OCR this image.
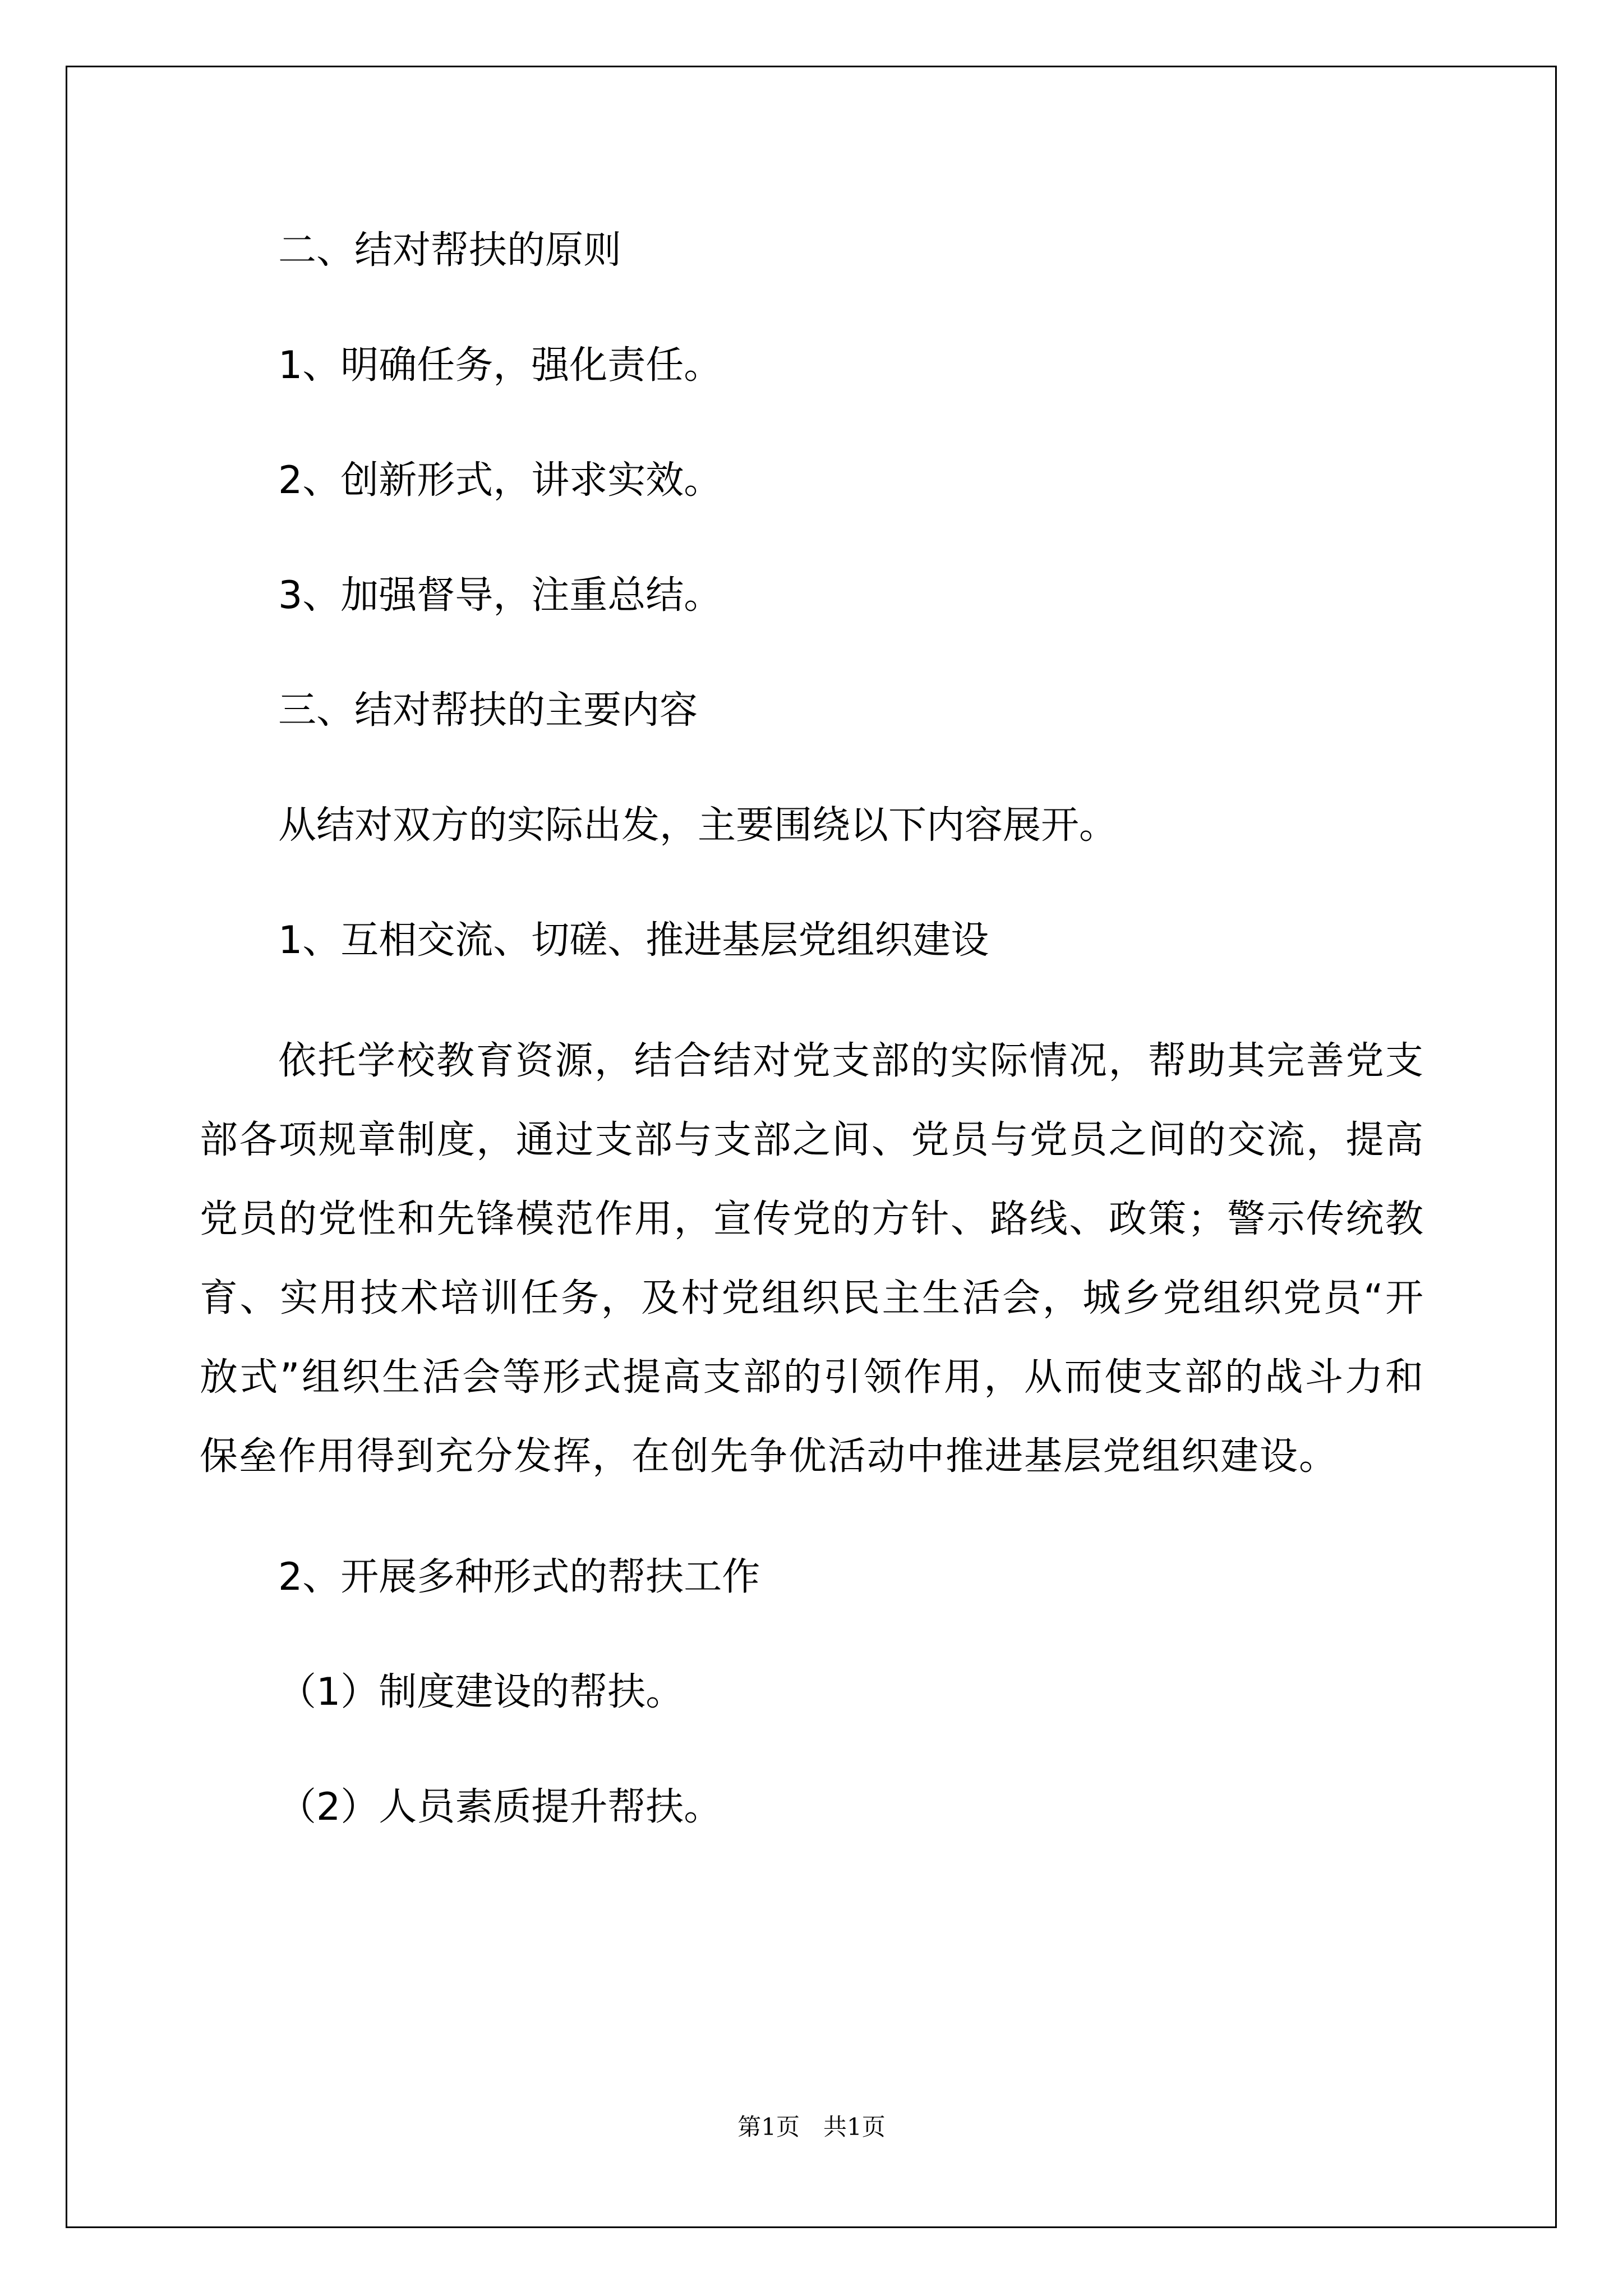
二、结对帮扶的原则

1、明确任务，强化责任。

2、创新形式，讲求实效。

3、加强督导，注重总结。

三、结对帮扶的主要内容

从结对双方的实际出发，主要围绕以下内容展开。

1、互相交流、切磋、推进基层党组织建设

依托学校教育资源，结合结对党支部的实际情况，帮助其完善党支部各项规章制度，通过支部与支部之间、党员与党员之间的交流，提高党员的党性和先锋模范作用，宣传党的方针、路线、政策；警示传统教育、实用技术培训任务，及村党组织民主生活会，城乡党组织党员“开放式”组织生活会等形式提高支部的引领作用，从而使支部的战斗力和保垒作用得到充分发挥，在创先争优活动中推进基层党组织建设。

2、开展多种形式的帮扶工作

（1）制度建设的帮扶。

（2）人员素质提升帮扶。

第1页　共1页
